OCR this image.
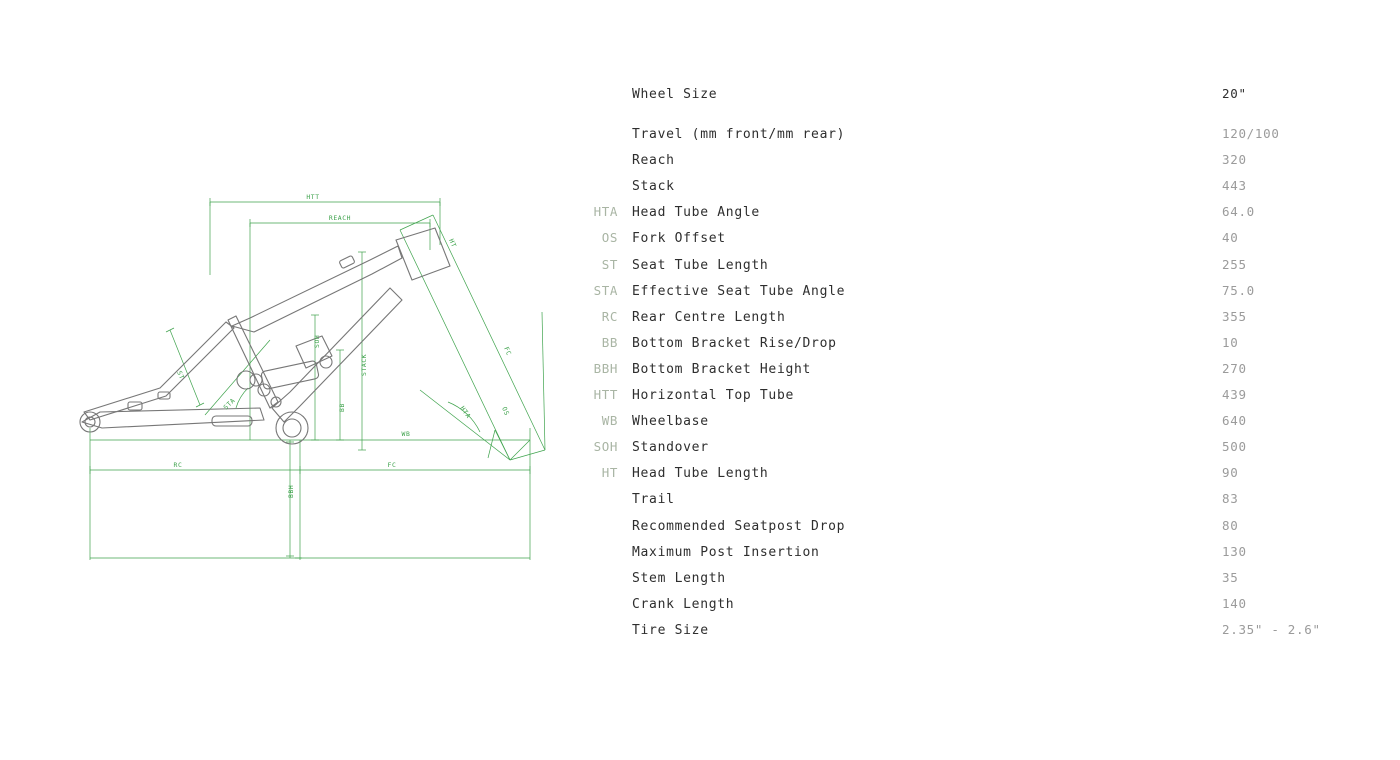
HTT
REACH
HT
ST
STA
SOH
STACK
BB	HTA	OS
FC
WB
RC	FC
BBH
Wheel Size	20"
Travel (mm front/mm rear)	120/100
Reach	320
Stack	443
HTA	Head Tube Angle	64.0
OS	Fork Offset	40
ST	Seat Tube Length	255
STA	Effective Seat Tube Angle	75.0
RC	Rear Centre Length	355
BB	Bottom Bracket Rise/Drop	10
BBH	Bottom Bracket Height	270
HTT	Horizontal Top Tube	439
WB	Wheelbase	640
SOH	Standover	500
HT	Head Tube Length	90
Trail	83
Recommended Seatpost Drop	80
Maximum Post Insertion	130
Stem Length	35
Crank Length	140
Tire Size	2.35" - 2.6"
